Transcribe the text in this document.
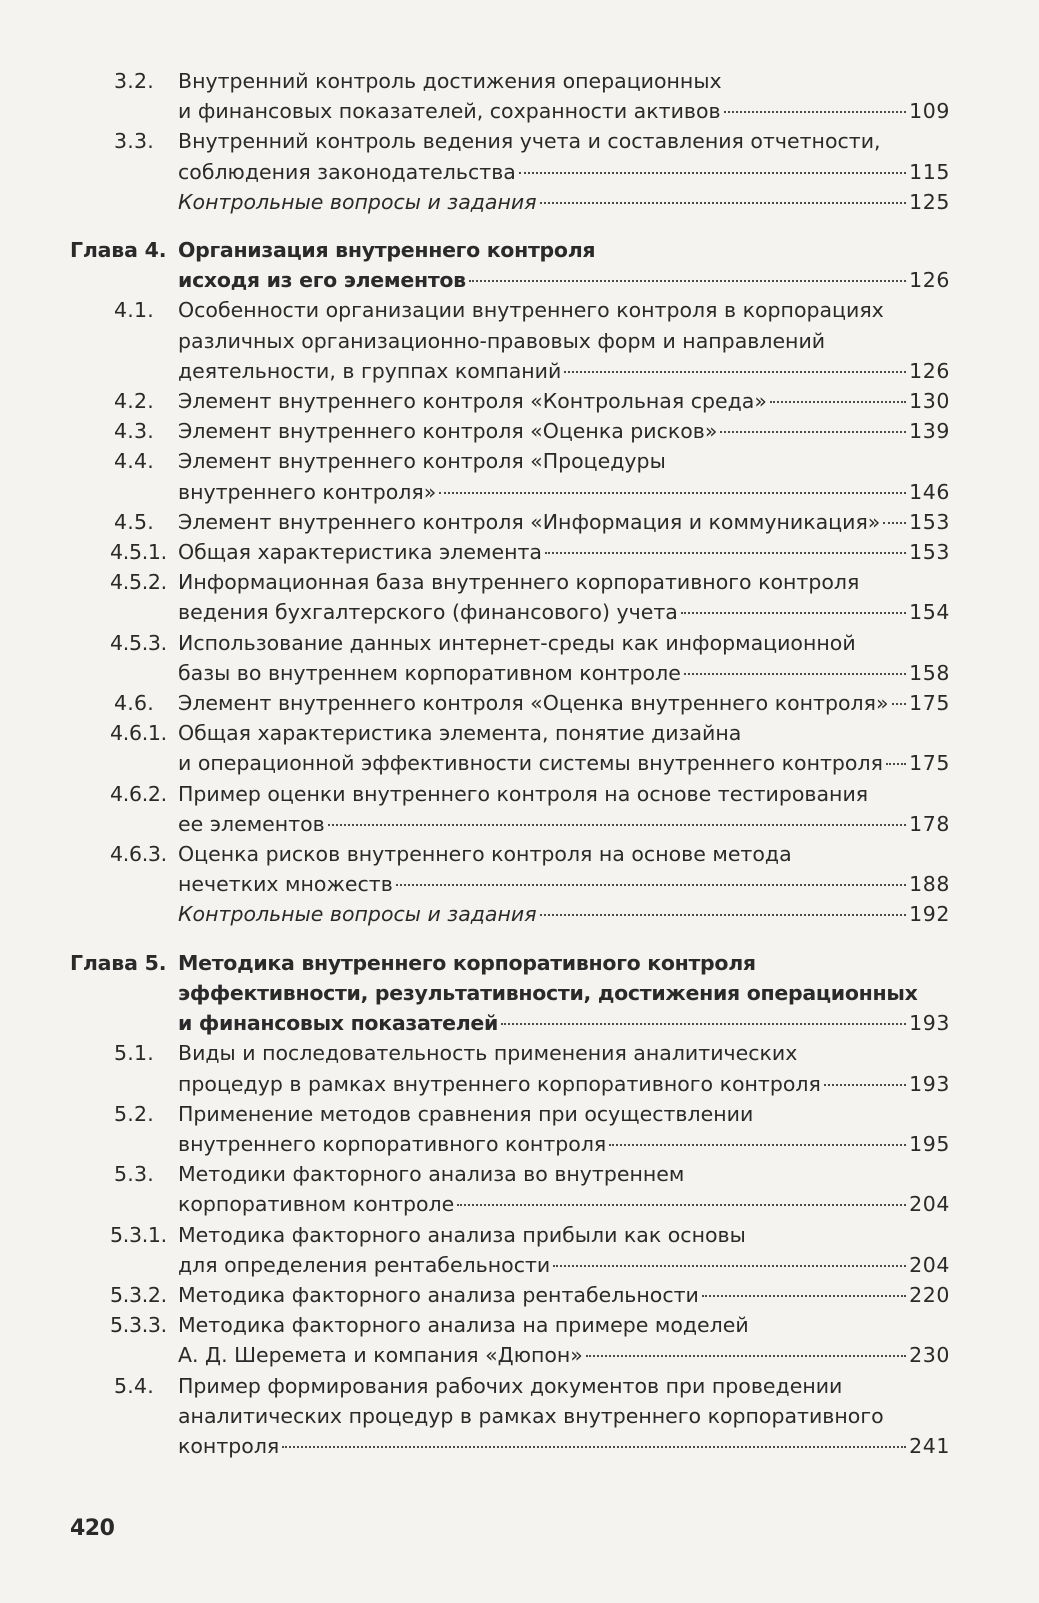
3.2.	Внутренний контроль достижения операционных
и финансовых показателей, сохранности активов	109
3.3.	Внутренний контроль ведения учета и составления отчетности,
соблюдения законодательства	115
Контрольные вопросы и задания	125
Глава 4. Организация внутреннего контроля
исходя из его элементов	126
4.1.	Особенности организации внутреннего контроля в корпорациях
различных организационно-правовых форм и направлений
деятельности, в группах компаний	126
4.2.	Элемент внутреннего контроля «Контрольная среда»	130
4.3.	Элемент внутреннего контроля «Оценка рисков»	139
4.4.	Элемент внутреннего контроля «Процедуры
внутреннего контроля»	146
4.5.	Элемент внутреннего контроля «Информация и коммуникация» 153
4.5.1. Общая характеристика элемента	153
4.5.2. Информационная база внутреннего корпоративного контроля
ведения бухгалтерского (финансового) учета	154
4.5.3. Использование данных интернет-среды как информационной
базы во внутреннем корпоративном контроле	158
4.6.	Элемент внутреннего контроля «Оценка внутреннего контроля» 175
4.6.1. Общая характеристика элемента, понятие дизайна
и операционной эффективности системы внутреннего контроля 175
4.6.2. Пример оценки внутреннего контроля на основе тестирования
ее элементов	178
4.6.3. Оценка рисков внутреннего контроля на основе метода
нечетких множеств	188
Контрольные вопросы и задания	192
Глава 5. Методика внутреннего корпоративного контроля
эффективности, результативности, достижения операционных
и финансовых показателей	193
5.1.	Виды и последовательность применения аналитических
процедур в рамках внутреннего корпоративного контроля	193
5.2.	Применение методов сравнения при осуществлении
внутреннего корпоративного контроля	195
5.3.	Методики факторного анализа во внутреннем
корпоративном контроле	204
5.3.1. Методика факторного анализа прибыли как основы
для определения рентабельности	204
5.3.2. Методика факторного анализа рентабельности	220
5.3.3. Методика факторного анализа на примере моделей
А. Д. Шеремета и компания «Дюпон»	230
5.4.	Пример формирования рабочих документов при проведении
аналитических процедур в рамках внутреннего корпоративного
контроля	241
420
